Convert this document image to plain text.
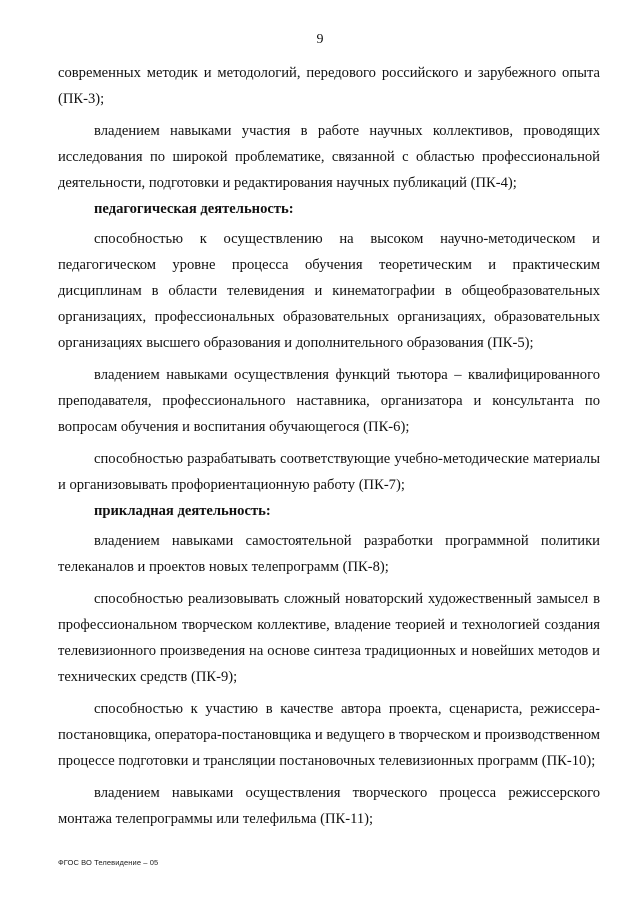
9

современных методик и методологий, передового российского и зарубежного опыта (ПК-3);

владением навыками участия в работе научных коллективов, проводящих исследования по широкой проблематике, связанной с областью профессиональной деятельности, подготовки и редактирования научных публикаций (ПК-4);

педагогическая деятельность:

способностью к осуществлению на высоком научно-методическом и педагогическом уровне процесса обучения теоретическим и практическим дисциплинам в области телевидения и кинематографии в общеобразовательных организациях, профессиональных образовательных организациях, образовательных организациях высшего образования и дополнительного образования (ПК-5);

владением навыками осуществления функций тьютора – квалифицированного преподавателя, профессионального наставника, организатора и консультанта по вопросам обучения и воспитания обучающегося (ПК-6);

способностью разрабатывать соответствующие учебно-методические материалы и организовывать профориентационную работу (ПК-7);

прикладная деятельность:

владением навыками самостоятельной разработки программной политики телеканалов и проектов новых телепрограмм (ПК-8);

способностью реализовывать сложный новаторский художественный замысел в профессиональном творческом коллективе, владение теорией и технологией создания телевизионного произведения на основе синтеза традиционных и новейших методов и технических средств (ПК-9);

способностью к участию в качестве автора проекта, сценариста, режиссера-постановщика, оператора-постановщика и ведущего в творческом и производственном процессе подготовки и трансляции постановочных телевизионных программ (ПК-10);

владением навыками осуществления творческого процесса режиссерского монтажа телепрограммы или телефильма (ПК-11);

ФГОС ВО Телевидение – 05
